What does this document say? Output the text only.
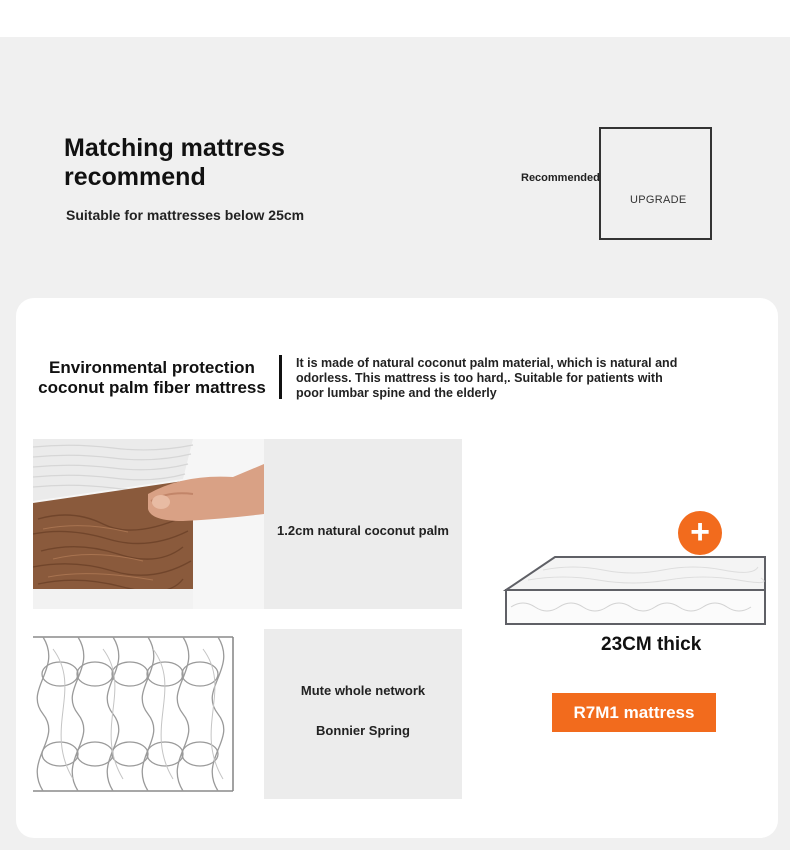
Matching mattress recommend
Suitable for mattresses below 25cm
Recommended
UPGRADE
Environmental protection coconut palm fiber mattress
It is made of natural coconut palm material, which is natural and odorless. This mattress is too hard,. Suitable for patients with poor lumbar spine and the elderly
1.2cm natural coconut palm
Mute whole network
Bonnier Spring
+
23CM thick
R7M1 mattress
